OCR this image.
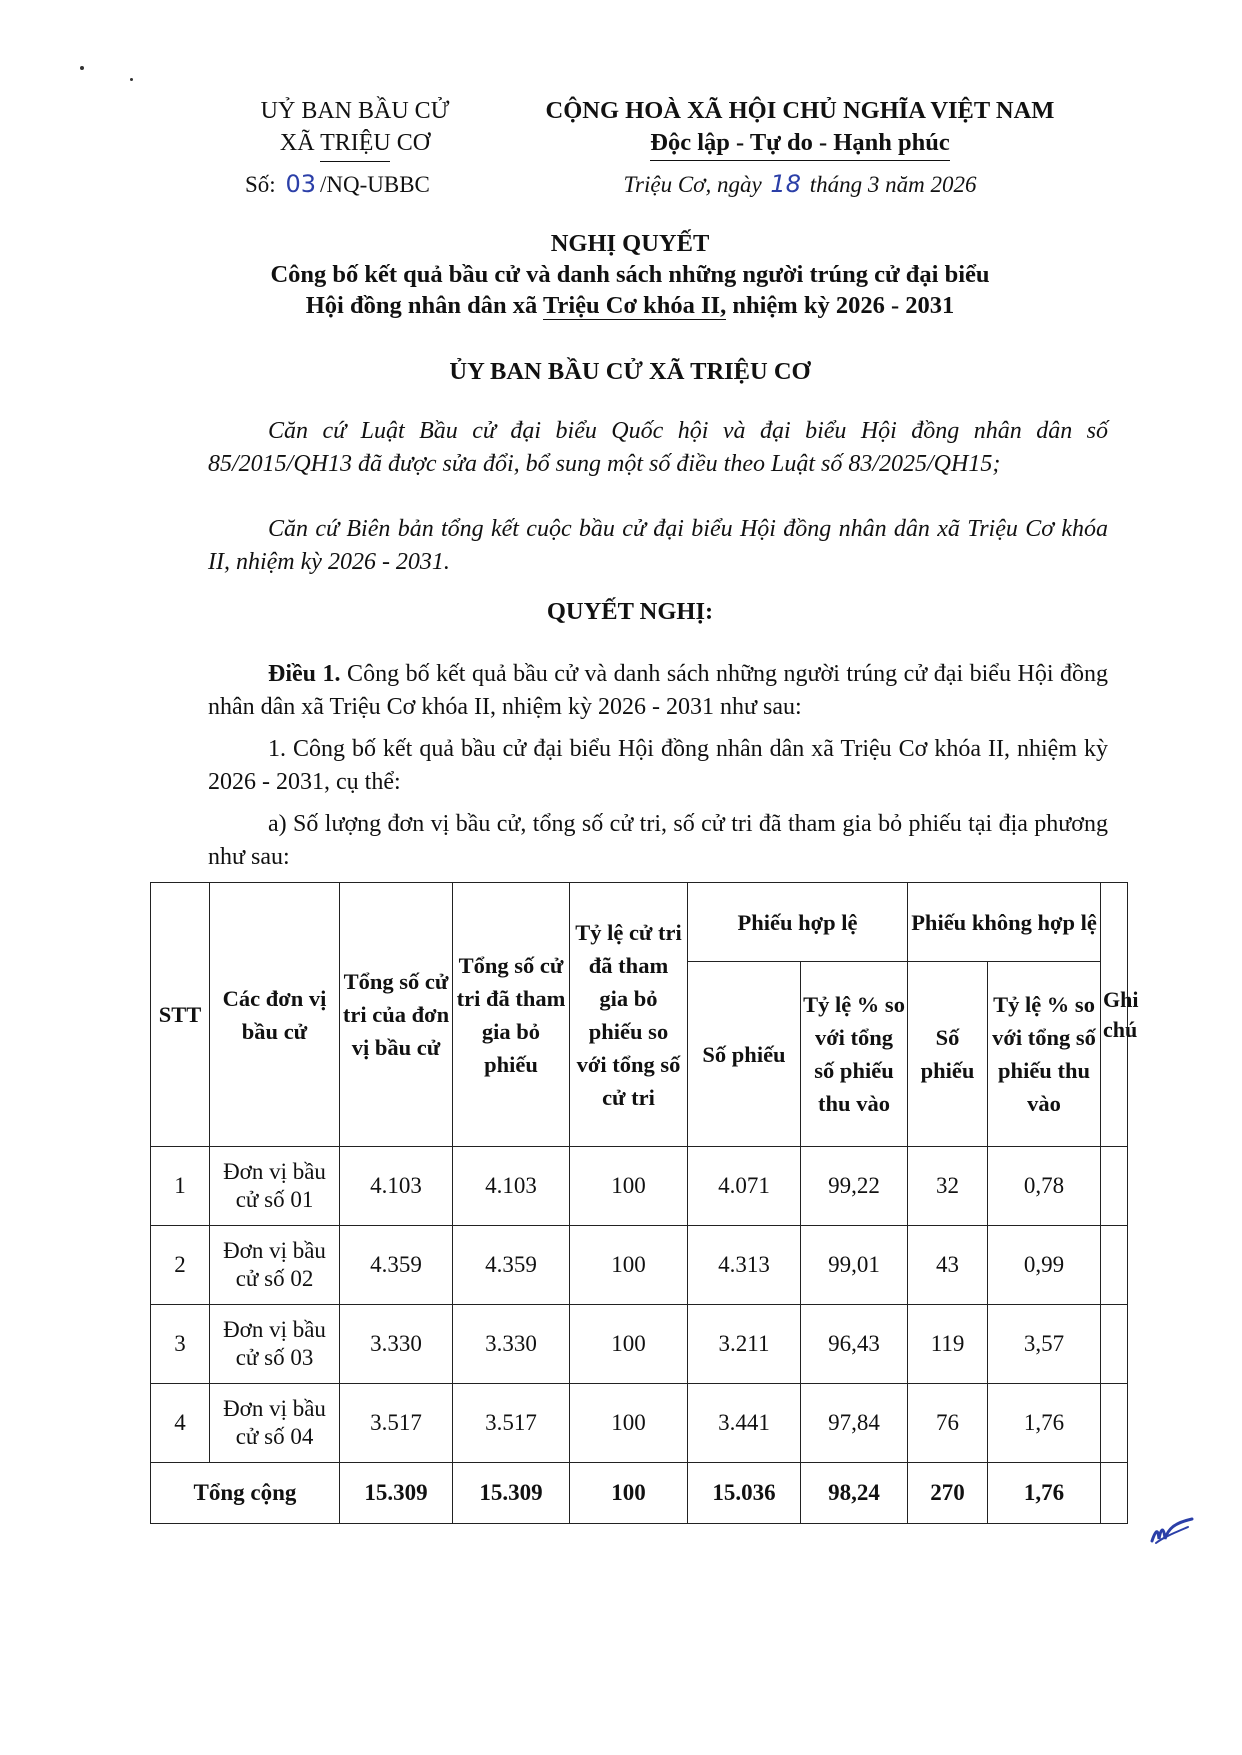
UỶ BAN BẦU CỬ
XÃ TRIỆU CƠ
Số: 03 /NQ-UBBC
CỘNG HOÀ XÃ HỘI CHỦ NGHĨA VIỆT NAM
Độc lập - Tự do - Hạnh phúc
Triệu Cơ, ngày 18 tháng 3 năm 2026
NGHỊ QUYẾT
Công bố kết quả bầu cử và danh sách những người trúng cử đại biểu
Hội đồng nhân dân xã Triệu Cơ khóa II, nhiệm kỳ 2026 - 2031
ỦY BAN BẦU CỬ XÃ TRIỆU CƠ
Căn cứ Luật Bầu cử đại biểu Quốc hội và đại biểu Hội đồng nhân dân số 85/2015/QH13 đã được sửa đổi, bổ sung một số điều theo Luật số 83/2025/QH15;
Căn cứ Biên bản tổng kết cuộc bầu cử đại biểu Hội đồng nhân dân xã Triệu Cơ khóa II, nhiệm kỳ 2026 - 2031.
QUYẾT NGHỊ:
Điều 1. Công bố kết quả bầu cử và danh sách những người trúng cử đại biểu Hội đồng nhân dân xã Triệu Cơ khóa II, nhiệm kỳ 2026 - 2031 như sau:
1. Công bố kết quả bầu cử đại biểu Hội đồng nhân dân xã Triệu Cơ khóa II, nhiệm kỳ 2026 - 2031, cụ thể:
a) Số lượng đơn vị bầu cử, tổng số cử tri, số cử tri đã tham gia bỏ phiếu tại địa phương như sau:
STT	Các đơn vị bầu cử	Tổng số cử tri của đơn vị bầu cử	Tổng số cử tri đã tham gia bỏ phiếu	Tỷ lệ cử tri đã tham gia bỏ phiếu so với tổng số cử tri	Phiếu hợp lệ		Phiếu không hợp lệ		Ghi chú
					Số phiếu	Tỷ lệ % so với tổng số phiếu thu vào	Số phiếu	Tỷ lệ % so với tổng số phiếu thu vào	
1	Đơn vị bầu cử số 01	4.103	4.103	100	4.071	99,22	32	0,78	
2	Đơn vị bầu cử số 02	4.359	4.359	100	4.313	99,01	43	0,99	
3	Đơn vị bầu cử số 03	3.330	3.330	100	3.211	96,43	119	3,57	
4	Đơn vị bầu cử số 04	3.517	3.517	100	3.441	97,84	76	1,76	
Tổng cộng		15.309	15.309	100	15.036	98,24	270	1,76	
